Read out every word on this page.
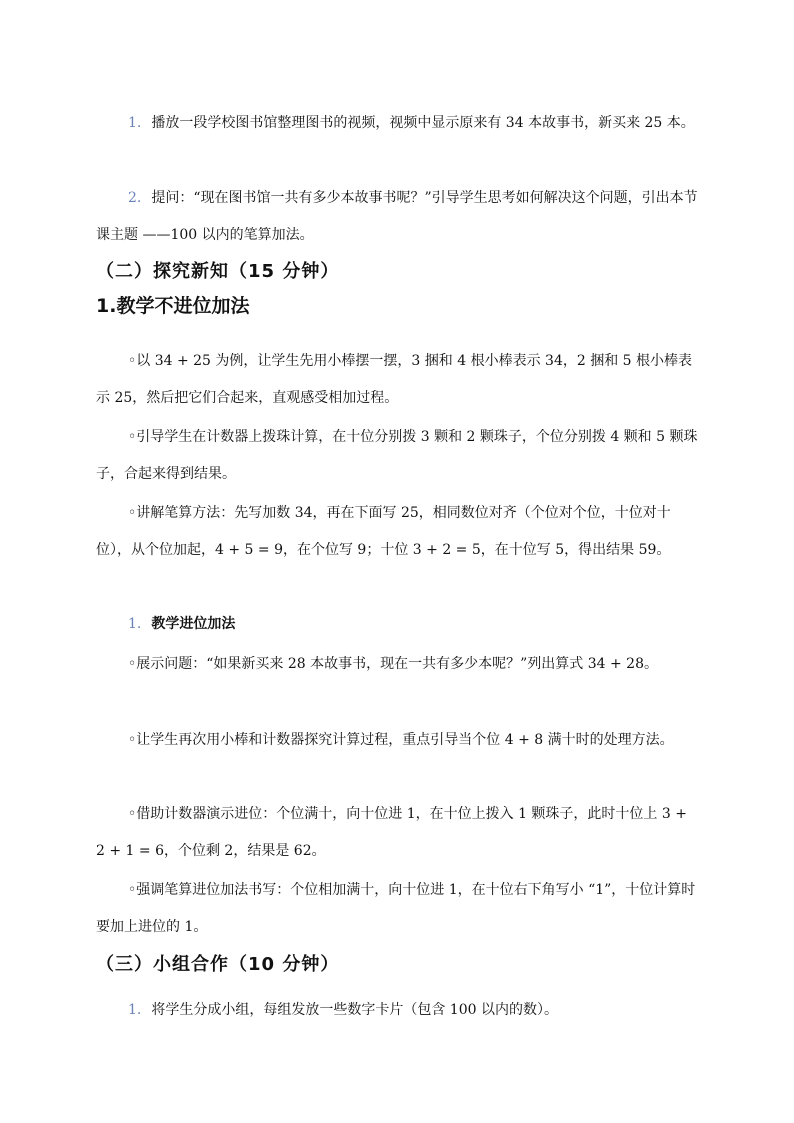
1. 播放一段学校图书馆整理图书的视频，视频中显示原来有 34 本故事书，新买来 25 本。

2. 提问：“现在图书馆一共有多少本故事书呢？”引导学生思考如何解决这个问题，引出本节课主题 ——100 以内的笔算加法。

（二）探究新知（15 分钟）
1.教学不进位加法

◦以 34 + 25 为例，让学生先用小棒摆一摆，3 捆和 4 根小棒表示 34，2 捆和 5 根小棒表示 25，然后把它们合起来，直观感受相加过程。

◦引导学生在计数器上拨珠计算，在十位分别拨 3 颗和 2 颗珠子，个位分别拨 4 颗和 5 颗珠子，合起来得到结果。

◦讲解笔算方法：先写加数 34，再在下面写 25，相同数位对齐（个位对个位，十位对十位），从个位加起，4 + 5 = 9，在个位写 9；十位 3 + 2 = 5，在十位写 5，得出结果 59。

1. 教学进位加法

◦展示问题：“如果新买来 28 本故事书，现在一共有多少本呢？”列出算式 34 + 28。

◦让学生再次用小棒和计数器探究计算过程，重点引导当个位 4 + 8 满十时的处理方法。

◦借助计数器演示进位：个位满十，向十位进 1，在十位上拨入 1 颗珠子，此时十位上 3 + 2 + 1 = 6，个位剩 2，结果是 62。

◦强调笔算进位加法书写：个位相加满十，向十位进 1，在十位右下角写小 “1”，十位计算时要加上进位的 1。

（三）小组合作（10 分钟）

1. 将学生分成小组，每组发放一些数字卡片（包含 100 以内的数）。
